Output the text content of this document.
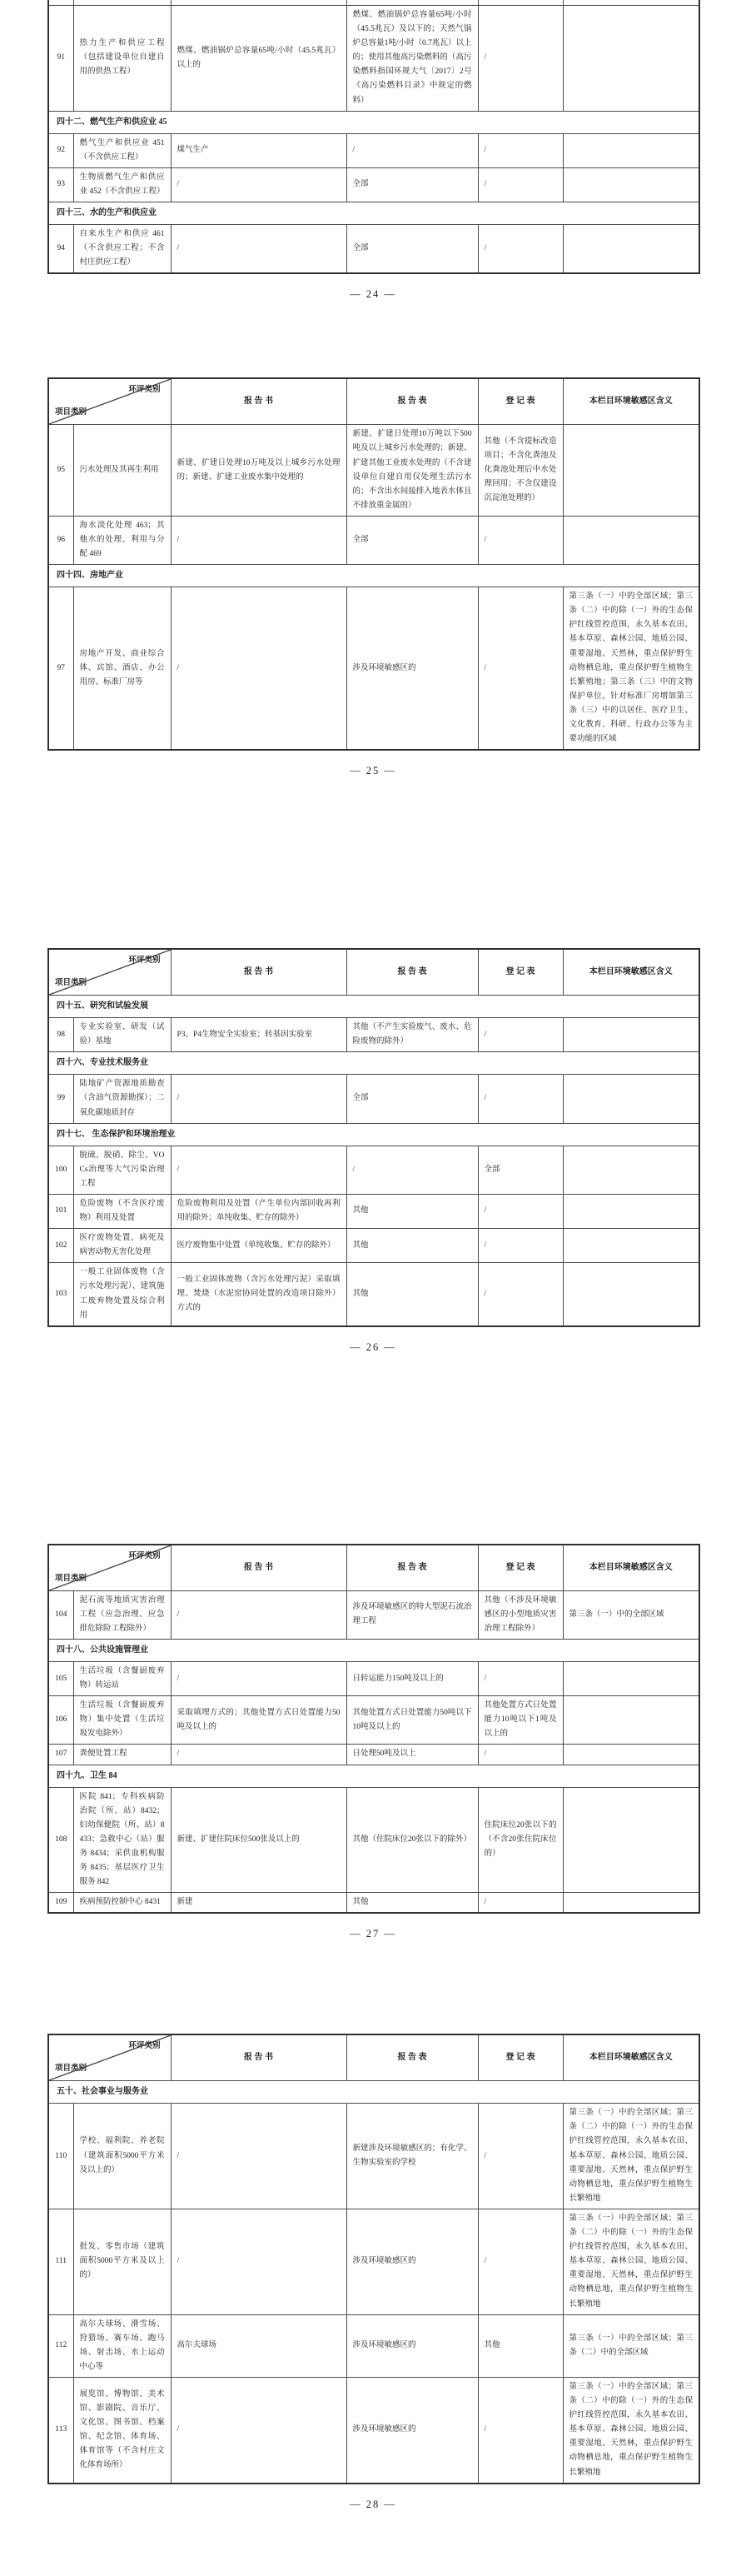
91	热力生产和供应工程（包括建设单位自建自用的供热工程）	燃煤、燃油锅炉总容量65吨/小时（45.5兆瓦）以上的	燃煤、燃油锅炉总容量65吨/小时（45.5兆瓦）及以下的；天然气锅炉总容量1吨/小时（0.7兆瓦）以上的；使用其他高污染燃料的（高污染燃料指国环规大气〔2017〕2号《高污染燃料目录》中规定的燃料）	/	
四十二、燃气生产和供应业 45					
92	燃气生产和供应业 451（不含供应工程）	煤气生产	/	/	
93	生物质燃气生产和供应业 452（不含供应工程）	/	全部	/	
四十三、水的生产和供应业					
94	自来水生产和供应 461（不含供应工程；不含村庄供应工程）	/	全部	/	
— 24 —
环评类别
项目类别		报 告 书	报 告 表	登 记 表	本栏目环境敏感区含义
95	污水处理及其再生利用	新建、扩建日处理10万吨及以上城乡污水处理的；新建、扩建工业废水集中处理的	新建、扩建日处理10万吨以下500吨及以上城乡污水处理的；新建、扩建其他工业废水处理的（不含建设单位自建自用仅处理生活污水的；不含出水间接排入地表水体且不排放重金属的）	其他（不含提标改造项目；不含化粪池及化粪池处理后中水处理回用；不含仅建设沉淀池处理的）	
96	海水淡化处理 463；其他水的处理、利用与分配 469	/	全部	/	
四十四、房地产业					
97	房地产开发、商业综合体、宾馆、酒店、办公用房、标准厂房等	/	涉及环境敏感区的	/	第三条（一）中的全部区域；第三条（二）中的除（一）外的生态保护红线管控范围，永久基本农田、基本草原、森林公园、地质公园、重要湿地、天然林，重点保护野生动物栖息地，重点保护野生植物生长繁殖地；第三条（三）中的文物保护单位，针对标准厂房增加第三条（三）中的以居住、医疗卫生、文化教育、科研、行政办公等为主要功能的区域
— 25 —
环评类别
项目类别		报 告 书	报 告 表	登 记 表	本栏目环境敏感区含义
四十五、研究和试验发展					
98	专业实验室、研发（试验）基地	P3、P4生物安全实验室；转基因实验室	其他（不产生实验废气、废水、危险废物的除外）	/	
四十六、专业技术服务业					
99	陆地矿产资源地质勘查（含油气资源勘探）；二氧化碳地质封存	/	全部	/	
四十七、 生态保护和环境治理业					
100	脱硫、脱硝、除尘、VOCs治理等大气污染治理工程	/	/	全部	
101	危险废物（不含医疗废物）利用及处置	危险废物利用及处置（产生单位内部回收再利用的除外；单纯收集、贮存的除外）	其他	/	
102	医疗废物处置、病死及病害动物无害化处理	医疗废物集中处置（单纯收集、贮存的除外）	其他	/	
103	一般工业固体废物（含污水处理污泥）、建筑施工废弃物处置及综合利用	一般工业固体废物（含污水处理污泥）采取填埋、焚烧（水泥窑协同处置的改造项目除外）方式的	其他	/	
— 26 —
环评类别
项目类别		报 告 书	报 告 表	登 记 表	本栏目环境敏感区含义
104	泥石流等地质灾害治理工程（应急治理、应急排危除险工程除外）	/	涉及环境敏感区的特大型泥石流治理工程	其他（不涉及环境敏感区的小型地质灾害治理工程除外）	第三条（一）中的全部区域
四十八、公共设施管理业					
105	生活垃圾（含餐厨废弃物）转运站	/	日转运能力150吨及以上的	/	
106	生活垃圾（含餐厨废弃物）集中处置（生活垃圾发电除外）	采取填埋方式的；其他处置方式日处置能力50吨及以上的	其他处置方式日处置能力50吨以下10吨及以上的	其他处置方式日处置能力10吨以下1吨及以上的	
107	粪便处置工程	/	日处理50吨及以上	/	
四十九、卫生 84					
108	医院 841；专科疾病防治院（所、站）8432；妇幼保健院（所、站）8433；急救中心（站）服务 8434；采供血机构服务 8435；基层医疗卫生服务 842	新建、扩建住院床位500张及以上的	其他（住院床位20张以下的除外）	住院床位20张以下的（不含20张住院床位的）	
109	疾病预防控制中心 8431	新建	其他	/	
— 27 —
环评类别
项目类别		报 告 书	报 告 表	登 记 表	本栏目环境敏感区含义
五十、社会事业与服务业					
110	学校、福利院、养老院（建筑面积5000平方米及以上的）	/	新建涉及环境敏感区的；有化学、生物实验室的学校	/	第三条（一）中的全部区域；第三条（二）中的除（一）外的生态保护红线管控范围，永久基本农田、基本草原、森林公园、地质公园、重要湿地、天然林，重点保护野生动物栖息地，重点保护野生植物生长繁殖地
111	批发、零售市场（建筑面积5000平方米及以上的）	/	涉及环境敏感区的	/	第三条（一）中的全部区域；第三条（二）中的除（一）外的生态保护红线管控范围，永久基本农田、基本草原、森林公园、地质公园、重要湿地、天然林，重点保护野生动物栖息地，重点保护野生植物生长繁殖地
112	高尔夫球场、滑雪场、狩猎场、赛车场、跑马场、射击场、水上运动中心等	高尔夫球场	涉及环境敏感区的	其他	第三条（一）中的全部区域；第三条（二）中的全部区域
113	展览馆、博物馆、美术馆、影剧院、音乐厅、文化馆、图书馆、档案馆、纪念馆、体育场、体育馆等（不含村庄文化体育场所）	/	涉及环境敏感区的	/	第三条（一）中的全部区域；第三条（二）中的除（一）外的生态保护红线管控范围，永久基本农田、基本草原、森林公园、地质公园、重要湿地、天然林，重点保护野生动物栖息地，重点保护野生植物生长繁殖地
— 28 —
